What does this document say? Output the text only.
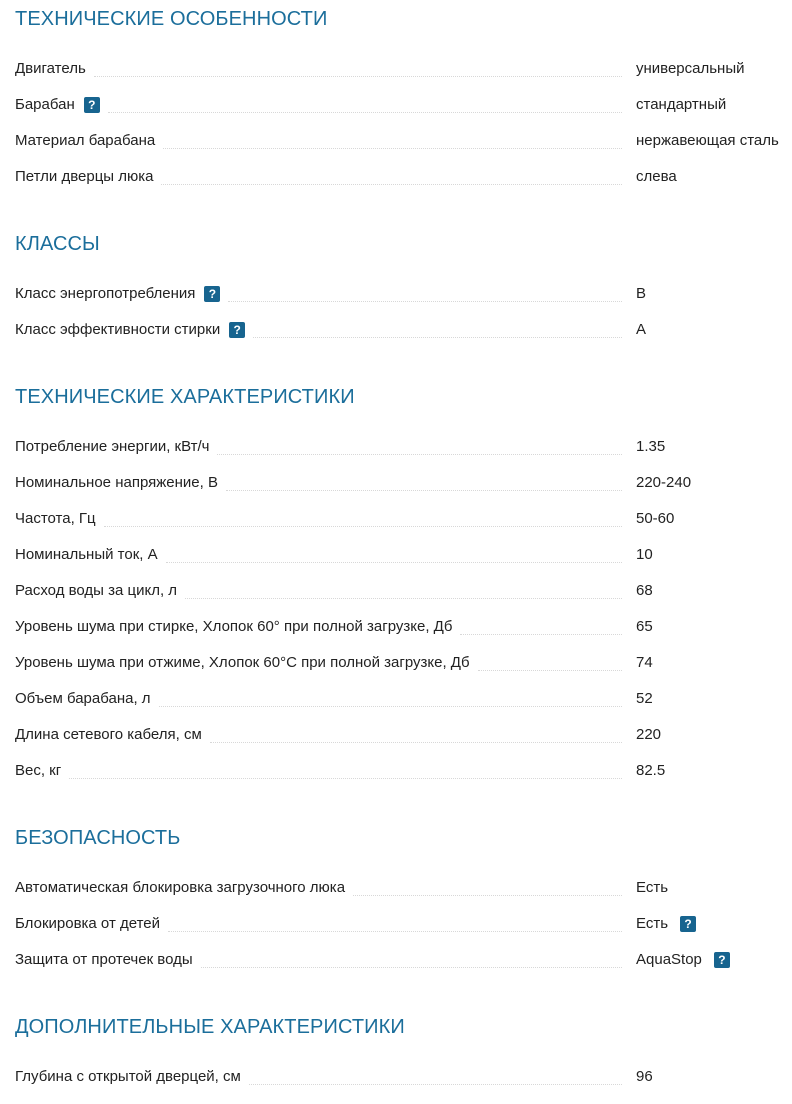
ТЕХНИЧЕСКИЕ ОСОБЕННОСТИ
Двигатель	универсальный
Барабан	?	стандартный
Материал барабана	нержавеющая сталь
Петли дверцы люка	слева
КЛАССЫ
Класс энергопотребления	?	B
Класс эффективности стирки	?	A
ТЕХНИЧЕСКИЕ ХАРАКТЕРИСТИКИ
Потребление энергии, кВт/ч	1.35
Номинальное напряжение, В	220-240
Частота, Гц	50-60
Номинальный ток, А	10
Расход воды за цикл, л	68
Уровень шума при стирке, Хлопок 60° при полной загрузке, Дб	65
Уровень шума при отжиме, Хлопок 60°С при полной загрузке, Дб	74
Объем барабана, л	52
Длина сетевого кабеля, см	220
Вес, кг	82.5
БЕЗОПАСНОСТЬ
Автоматическая блокировка загрузочного люка	Есть
Блокировка от детей	Есть	?
Защита от протечек воды	AquaStop	?
ДОПОЛНИТЕЛЬНЫЕ ХАРАКТЕРИСТИКИ
Глубина с открытой дверцей, см	96
